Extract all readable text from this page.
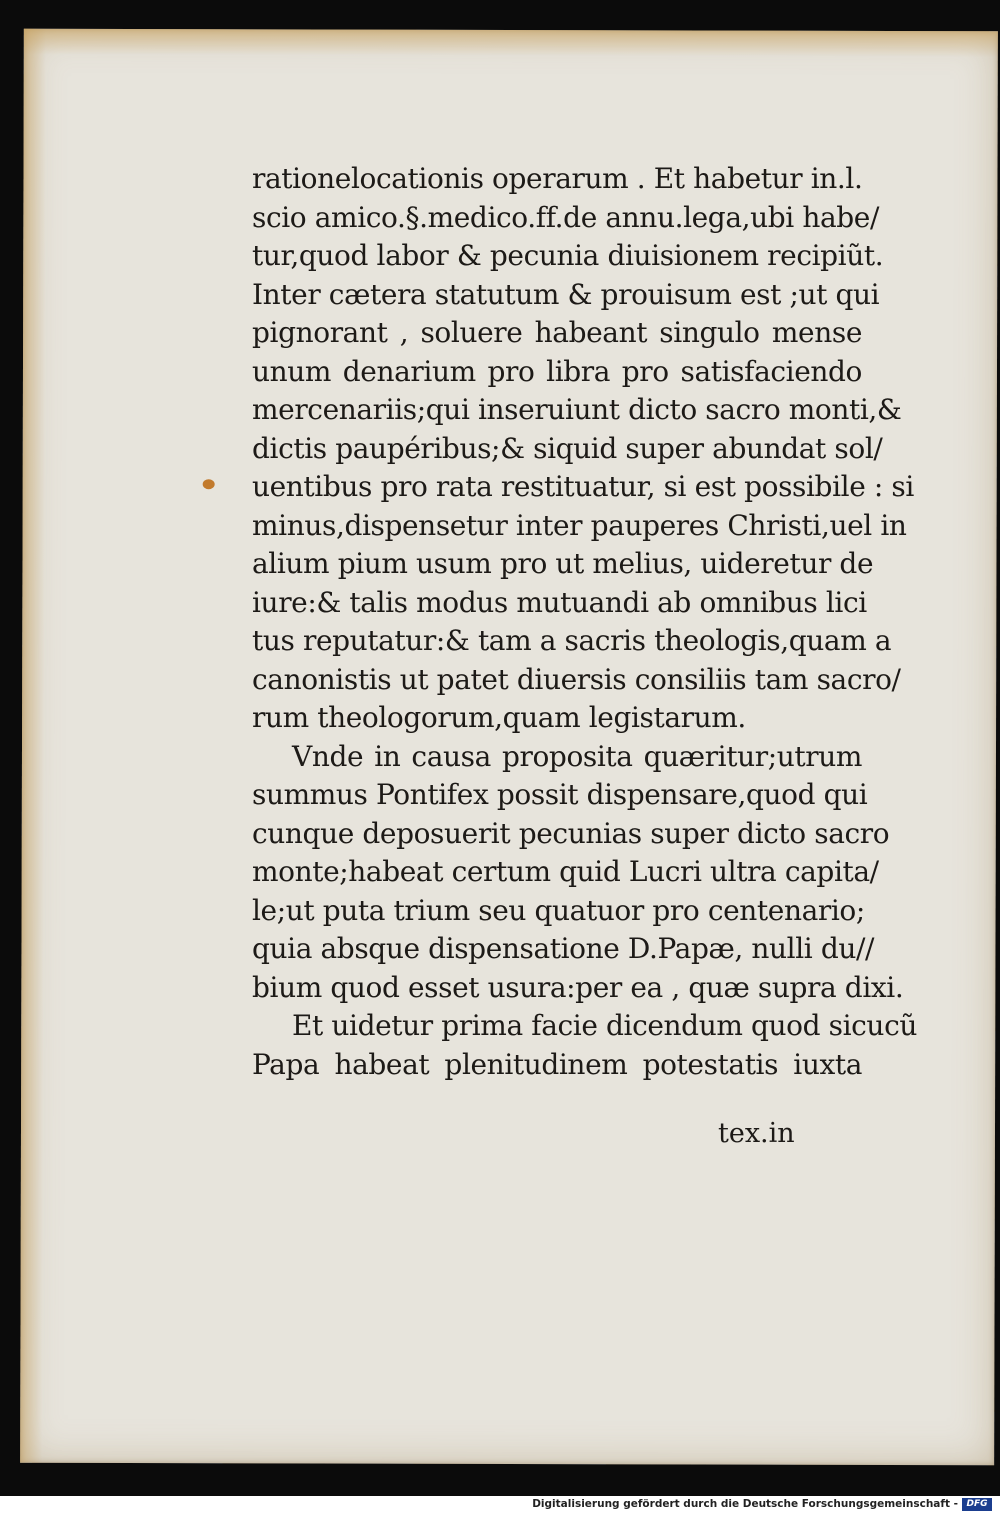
rationelocationis operarum . Et habetur in.l.
scio amico.§.medico.ff.de annu.lega,ubi habe/
tur,quod labor & pecunia diuisionem recipiũt.
Inter cætera statutum & prouisum est ;ut qui
pignorant , soluere habeant singulo mense
unum denarium pro libra pro satisfaciendo
mercenariis;qui inseruiunt dicto sacro monti,&
dictis paupéribus;& siquid super abundat sol/
uentibus pro rata restituatur, si est possibile : si
minus,dispensetur inter pauperes Christi,uel in
alium pium usum pro ut melius, uideretur de
iure:& talis modus mutuandi ab omnibus lici
tus reputatur:& tam a sacris theologis,quam a
canonistis ut patet diuersis consiliis tam sacro/
rum theologorum,quam legistarum.
Vnde in causa proposita quæritur;utrum
summus Pontifex possit dispensare,quod qui
cunque deposuerit pecunias super dicto sacro
monte;habeat certum quid Lucri ultra capita/
le;ut puta trium seu quatuor pro centenario;
quia absque dispensatione D.Papæ, nulli du//
bium quod esset usura:per ea , quæ supra dixi.
Et uidetur prima facie dicendum quod sicucũ
Papa habeat plenitudinem potestatis iuxta
tex.in
Digitalisierung gefördert durch die Deutsche Forschungsgemeinschaft - DFG
